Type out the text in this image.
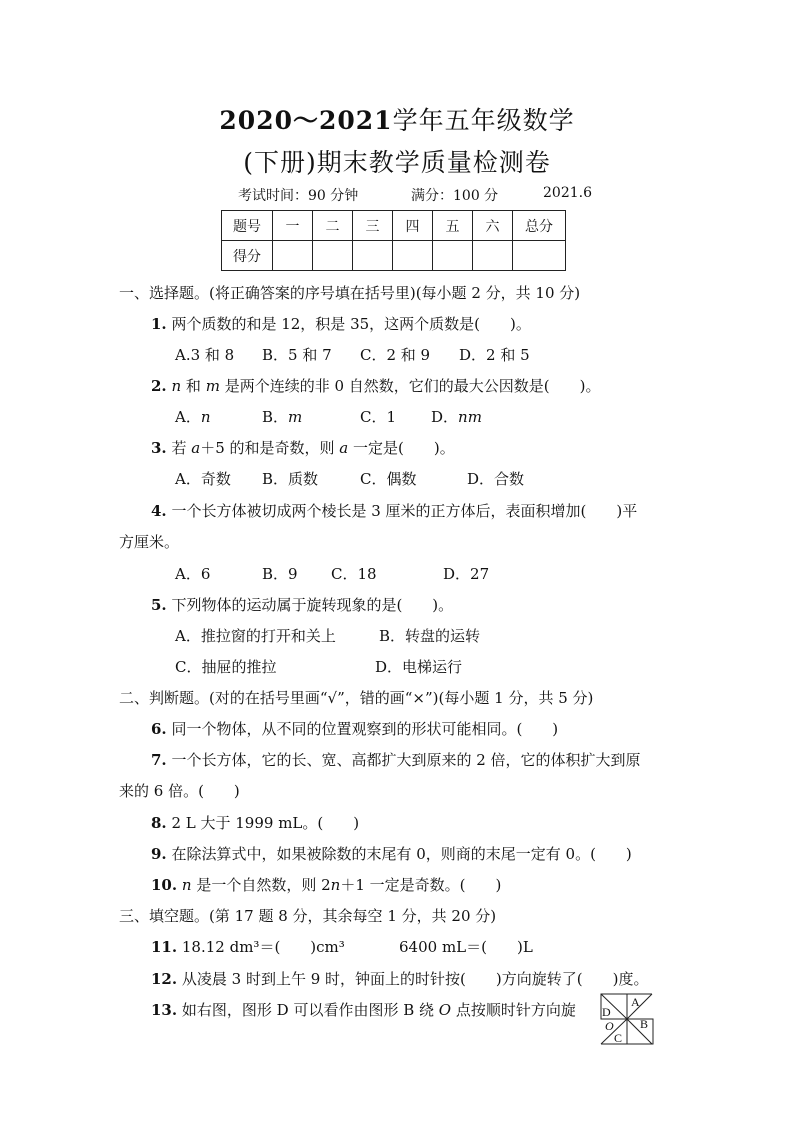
2020～2021学年五年级数学
(下册)期末教学质量检测卷
考试时间：90 分钟	满分：100 分	2021.6
题号	一	二	三	四	五	六	总分
得分							
一、选择题。(将正确答案的序号填在括号里)(每小题 2 分，共 10 分)
1. 两个质数的和是 12，积是 35，这两个质数是(　　)。
A.3 和 8 B．5 和 7 C．2 和 9 D．2 和 5
2. n 和 m 是两个连续的非 0 自然数，它们的最大公因数是(　　)。
A．n	B．m	C．1 D．nm
3. 若 a＋5 的和是奇数，则 a 一定是(　　)。
A．奇数 B．质数	C．偶数	D．合数
4. 一个长方体被切成两个棱长是 3 厘米的正方体后，表面积增加(　　)平
方厘米。
A．6	B．9 C．18	D．27
5. 下列物体的运动属于旋转现象的是(　　)。
A．推拉窗的打开和关上	B．转盘的运转
C．抽屉的推拉	D．电梯运行
二、判断题。(对的在括号里画“√”，错的画“×”)(每小题 1 分，共 5 分)
6. 同一个物体，从不同的位置观察到的形状可能相同。(　　)
7. 一个长方体，它的长、宽、高都扩大到原来的 2 倍，它的体积扩大到原
来的 6 倍。(　　)
8. 2 L 大于 1999 mL。(　　)
9. 在除法算式中，如果被除数的末尾有 0，则商的末尾一定有 0。(　　)
10. n 是一个自然数，则 2n＋1 一定是奇数。(　　)
三、填空题。(第 17 题 8 分，其余每空 1 分，共 20 分)
11. 18.12 dm³＝(　　)cm³	6400 mL＝(　　)L
12. 从凌晨 3 时到上午 9 时，钟面上的时针按(　　)方向旋转了(　　)度。
13. 如右图，图形 D 可以看作由图形 B 绕 O 点按顺时针方向旋	A
B
C
D
O
